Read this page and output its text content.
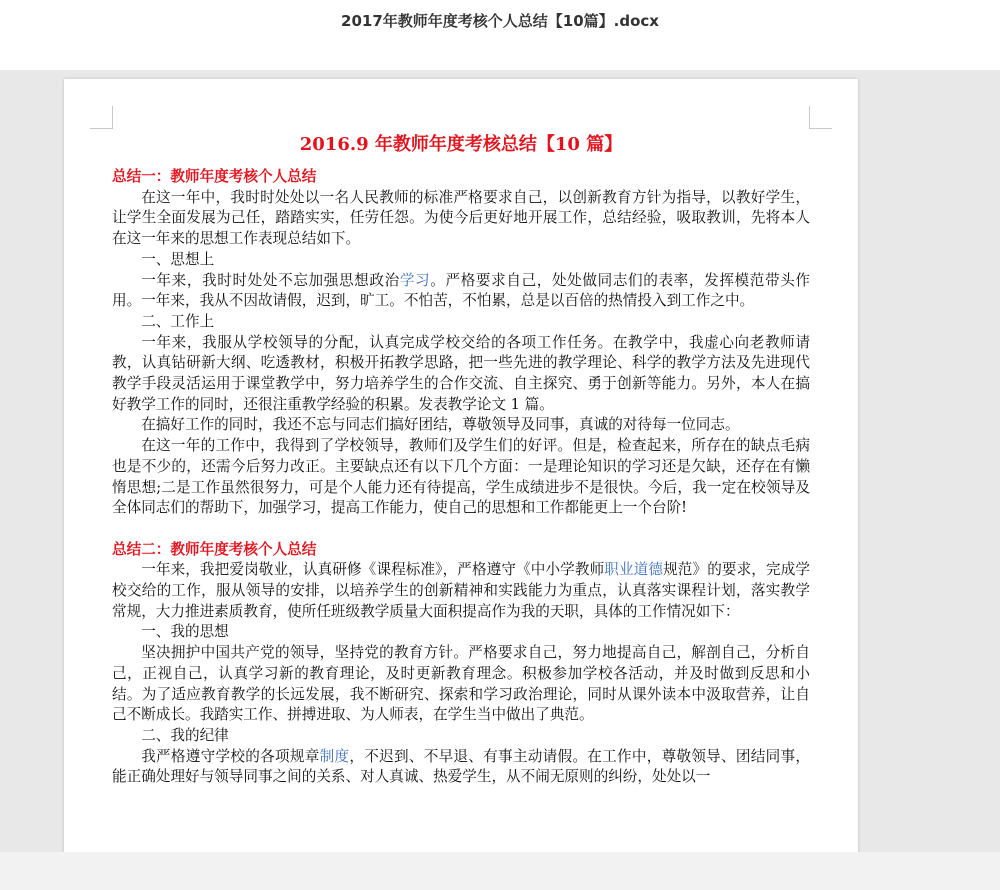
2017年教师年度考核个人总结【10篇】.docx
2016.9 年教师年度考核总结【10 篇】
总结一：教师年度考核个人总结

在这一年中，我时时处处以一名人民教师的标准严格要求自己，以创新教育方针为指导，以教好学生，让学生全面发展为己任，踏踏实实，任劳任怨。为使今后更好地开展工作，总结经验，吸取教训，先将本人在这一年来的思想工作表现总结如下。

一、思想上

一年来，我时时处处不忘加强思想政治学习。严格要求自己，处处做同志们的表率，发挥模范带头作用。一年来，我从不因故请假，迟到，旷工。不怕苦，不怕累，总是以百倍的热情投入到工作之中。

二、工作上

一年来，我服从学校领导的分配，认真完成学校交给的各项工作任务。在教学中，我虚心向老教师请教，认真钻研新大纲、吃透教材，积极开拓教学思路，把一些先进的教学理论、科学的教学方法及先进现代教学手段灵活运用于课堂教学中，努力培养学生的合作交流、自主探究、勇于创新等能力。另外，本人在搞好教学工作的同时，还很注重教学经验的积累。发表教学论文 1 篇。

在搞好工作的同时，我还不忘与同志们搞好团结，尊敬领导及同事，真诚的对待每一位同志。

在这一年的工作中，我得到了学校领导，教师们及学生们的好评。但是，检查起来，所存在的缺点毛病也是不少的，还需今后努力改正。主要缺点还有以下几个方面：一是理论知识的学习还是欠缺，还存在有懒惰思想;二是工作虽然很努力，可是个人能力还有待提高，学生成绩进步不是很快。今后，我一定在校领导及全体同志们的帮助下，加强学习，提高工作能力，使自己的思想和工作都能更上一个台阶!

总结二：教师年度考核个人总结

一年来，我把爱岗敬业，认真研修《课程标准》，严格遵守《中小学教师职业道德规范》的要求，完成学校交给的工作，服从领导的安排，以培养学生的创新精神和实践能力为重点，认真落实课程计划，落实教学常规，大力推进素质教育，使所任班级教学质量大面积提高作为我的天职，具体的工作情况如下：

一、我的思想

坚决拥护中国共产党的领导，坚持党的教育方针。严格要求自己，努力地提高自己，解剖自己，分析自己，正视自己，认真学习新的教育理论，及时更新教育理念。积极参加学校各活动，并及时做到反思和小结。为了适应教育教学的长远发展，我不断研究、探索和学习政治理论，同时从课外读本中汲取营养，让自己不断成长。我踏实工作、拼搏进取、为人师表，在学生当中做出了典范。

二、我的纪律

我严格遵守学校的各项规章制度，不迟到、不早退、有事主动请假。在工作中，尊敬领导、团结同事，能正确处理好与领导同事之间的关系、对人真诚、热爱学生，从不闹无原则的纠纷，处处以一
